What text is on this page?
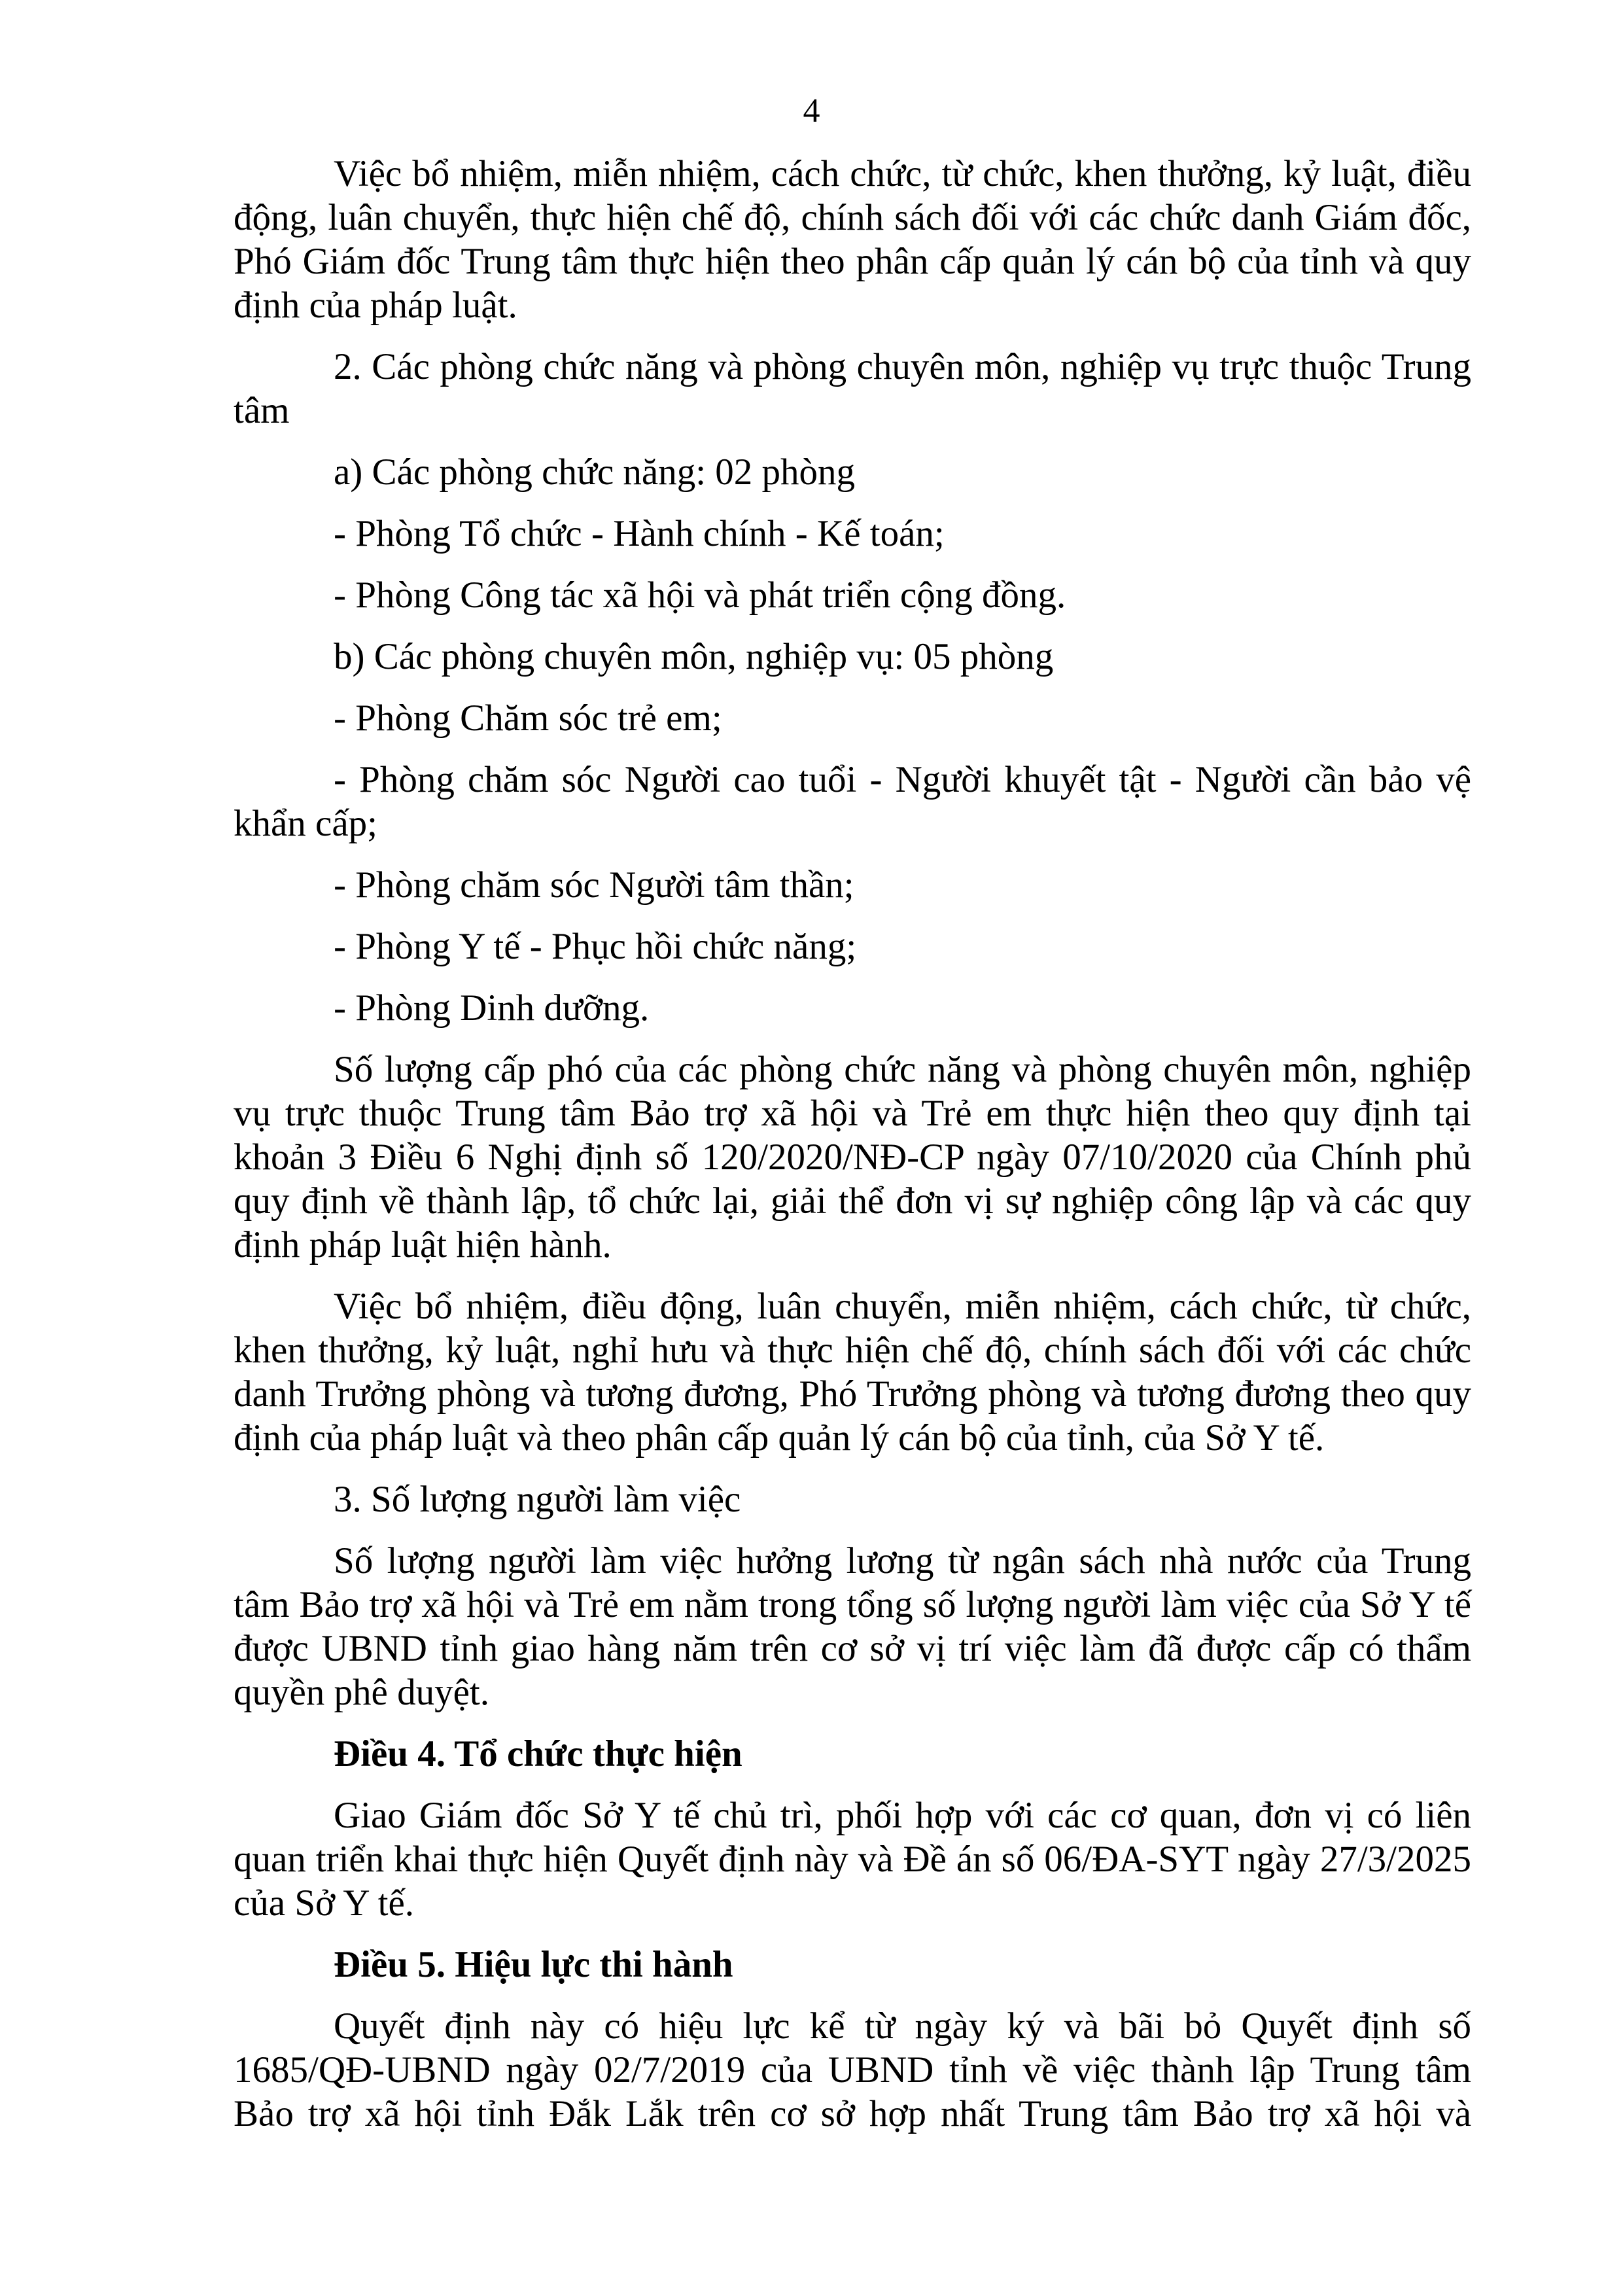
4

Việc bổ nhiệm, miễn nhiệm, cách chức, từ chức, khen thưởng, kỷ luật, điều động, luân chuyển, thực hiện chế độ, chính sách đối với các chức danh Giám đốc, Phó Giám đốc Trung tâm thực hiện theo phân cấp quản lý cán bộ của tỉnh và quy định của pháp luật.

2. Các phòng chức năng và phòng chuyên môn, nghiệp vụ trực thuộc Trung tâm

a) Các phòng chức năng: 02 phòng

- Phòng Tổ chức - Hành chính - Kế toán;

- Phòng Công tác xã hội và phát triển cộng đồng.

b) Các phòng chuyên môn, nghiệp vụ: 05 phòng

- Phòng Chăm sóc trẻ em;

- Phòng chăm sóc Người cao tuổi - Người khuyết tật - Người cần bảo vệ khẩn cấp;

- Phòng chăm sóc Người tâm thần;

- Phòng Y tế - Phục hồi chức năng;

- Phòng Dinh dưỡng.

Số lượng cấp phó của các phòng chức năng và phòng chuyên môn, nghiệp vụ trực thuộc Trung tâm Bảo trợ xã hội và Trẻ em thực hiện theo quy định tại khoản 3 Điều 6 Nghị định số 120/2020/NĐ-CP ngày 07/10/2020 của Chính phủ quy định về thành lập, tổ chức lại, giải thể đơn vị sự nghiệp công lập và các quy định pháp luật hiện hành.

Việc bổ nhiệm, điều động, luân chuyển, miễn nhiệm, cách chức, từ chức, khen thưởng, kỷ luật, nghỉ hưu và thực hiện chế độ, chính sách đối với các chức danh Trưởng phòng và tương đương, Phó Trưởng phòng và tương đương theo quy định của pháp luật và theo phân cấp quản lý cán bộ của tỉnh, của Sở Y tế.

3. Số lượng người làm việc

Số lượng người làm việc hưởng lương từ ngân sách nhà nước của Trung tâm Bảo trợ xã hội và Trẻ em nằm trong tổng số lượng người làm việc của Sở Y tế được UBND tỉnh giao hàng năm trên cơ sở vị trí việc làm đã được cấp có thẩm quyền phê duyệt.

Điều 4. Tổ chức thực hiện

Giao Giám đốc Sở Y tế chủ trì, phối hợp với các cơ quan, đơn vị có liên quan triển khai thực hiện Quyết định này và Đề án số 06/ĐA-SYT ngày 27/3/2025 của Sở Y tế.

Điều 5. Hiệu lực thi hành

Quyết định này có hiệu lực kể từ ngày ký và bãi bỏ Quyết định số 1685/QĐ-UBND ngày 02/7/2019 của UBND tỉnh về việc thành lập Trung tâm Bảo trợ xã hội tỉnh Đắk Lắk trên cơ sở hợp nhất Trung tâm Bảo trợ xã hội và
